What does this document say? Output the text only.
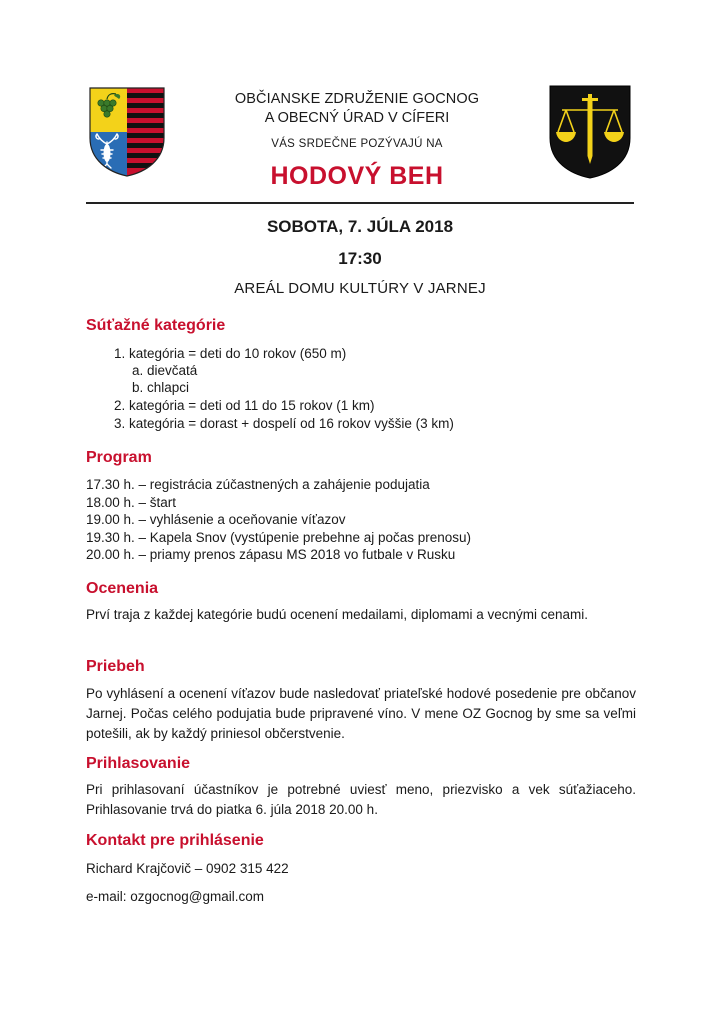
OBČIANSKE ZDRUŽENIE GOCNOG
A OBECNÝ ÚRAD V CÍFERI
VÁS SRDEČNE POZÝVAJÚ NA
HODOVÝ BEH
SOBOTA, 7. JÚLA 2018
17:30
AREÁL DOMU KULTÚRY V JARNEJ
Súťažné kategórie
1. kategória = deti do 10 rokov (650 m)
a. dievčatá
b. chlapci
2. kategória = deti od 11 do 15 rokov (1 km)
3. kategória = dorast + dospelí od 16 rokov vyššie (3 km)
Program
17.30 h. – registrácia zúčastnených a zahájenie podujatia
18.00 h. – štart
19.00 h. – vyhlásenie a oceňovanie víťazov
19.30 h. – Kapela Snov (vystúpenie prebehne aj počas prenosu)
20.00 h. – priamy prenos zápasu MS 2018 vo futbale v Rusku
Ocenenia
Prví traja z každej kategórie budú ocenení medailami, diplomami a vecnými cenami.
Priebeh
Po vyhlásení a ocenení víťazov bude nasledovať priateľské hodové posedenie pre občanov Jarnej. Počas celého podujatia bude pripravené víno. V mene OZ Gocnog by sme sa veľmi potešili, ak by každý priniesol občerstvenie.
Prihlasovanie
Pri prihlasovaní účastníkov je potrebné uviesť meno, priezvisko a vek súťažiaceho. Prihlasovanie trvá do piatka 6. júla 2018 20.00 h.
Kontakt pre prihlásenie
Richard Krajčovič – 0902 315 422
e-mail: ozgocnog@gmail.com
